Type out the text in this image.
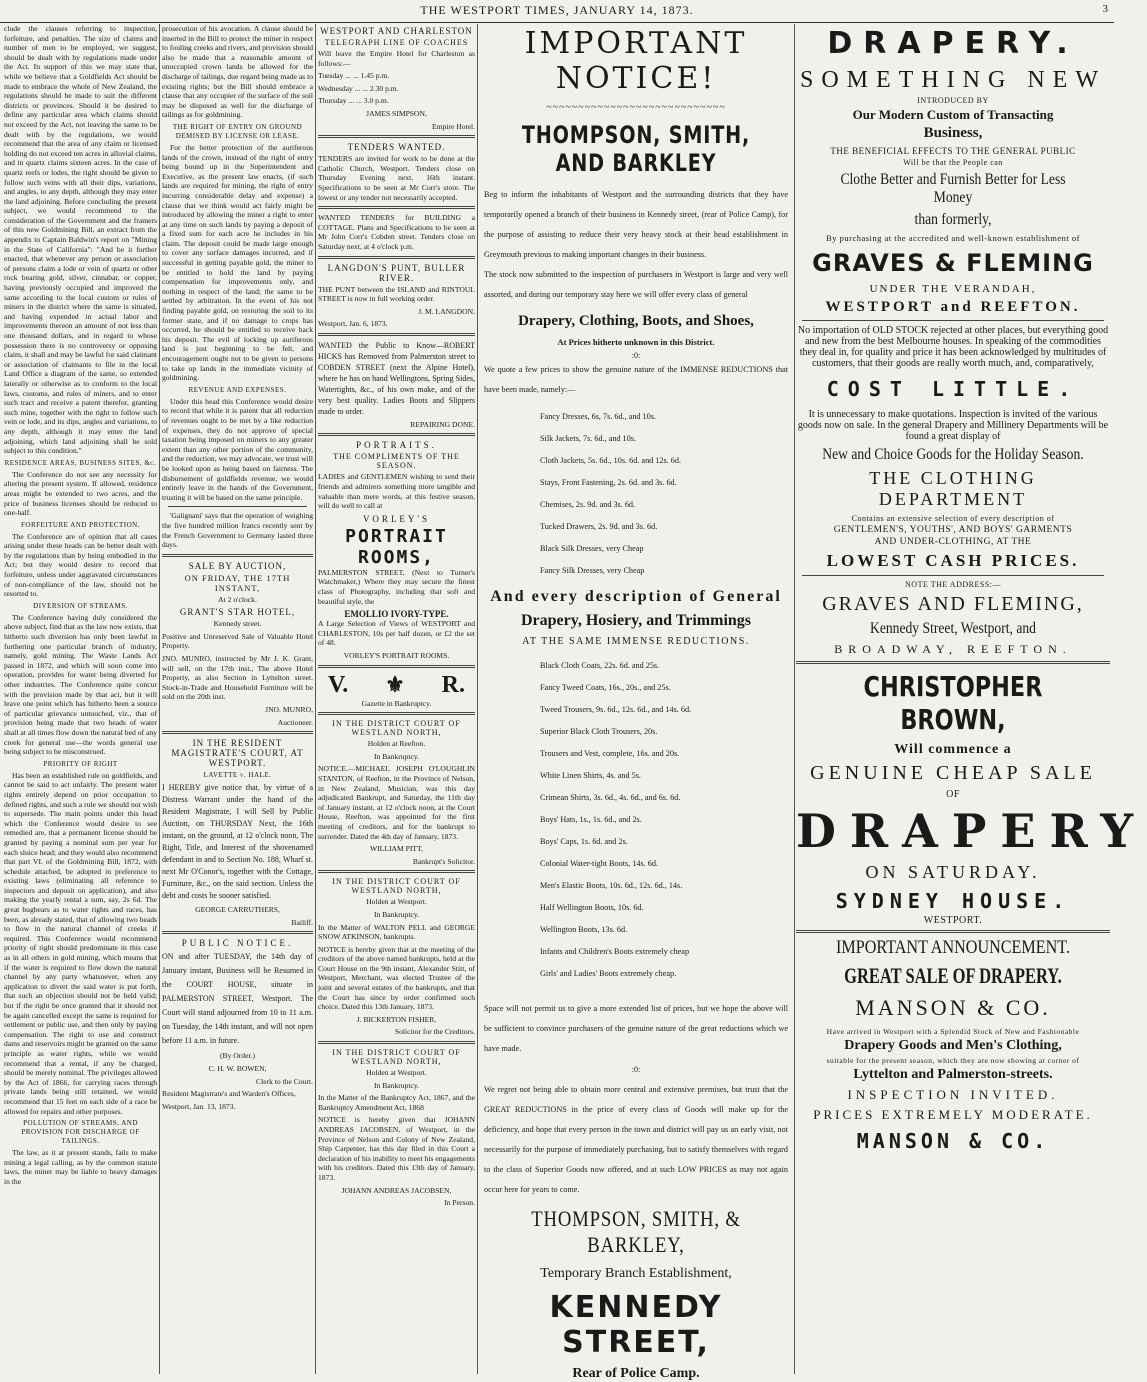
THE WESTPORT TIMES, JANUARY 14, 1873.	3

clude the clauses referring to inspection, forfeiture, and penalties. The size of claims and number of men to be employed, we suggest, should be dealt with by regulations made under the Act. In support of this we may state that, while we believe that a Goldfields Act should be made to embrace the whole of New Zealand, the regulations should be made to suit the different districts or provinces. Should it be desired to define any particular area which claims should not exceed by the Act, not leaving the same to be dealt with by the regulations, we would recommend that the area of any claim or licensed holding do not exceed ten acres in alluvial claims, and in quartz claims sixteen acres. In the case of quartz reefs or lodes, the right should be given to follow such veins with all their dips, variations, and angles, to any depth, although they may enter the land adjoining. Before concluding the present subject, we would recommend to the consideration of the Government and the framers of this new Goldmining Bill, an extract from the appendix to Captain Baldwin's report on "Mining in the State of California": "And be it further enacted, that whenever any person or association of persons claim a lode or vein of quartz or other rock bearing gold, silver, cinnabar, or copper, having previously occupied and improved the same according to the local custom or rules of miners in the district where the same is situated, and having expended in actual labor and improvements thereon an amount of not less than one thousand dollars, and in regard to whose possession there is no controversy or opposing claim, it shall and may be lawful for said claimant or association of claimants to file in the local Land Office a diagram of the same, so extended laterally or otherwise as to conform to the local laws, customs, and rules of miners, and to enter such tract and receive a patent therefor, granting such mine, together with the right to follow such vein or lode, and its dips, angles and variations, to any depth, although it may enter the land adjoining, which land adjoining shall be sold subject to this condition."

RESIDENCE AREAS, BUSINESS SITES, &c.

The Conference do not see any necessity for altering the present system. If allowed, residence areas might be extended to two acres, and the price of business licenses should be reduced to one-half.

FORFEITURE AND PROTECTION.

The Conference are of opinion that all cases arising under these heads can be better dealt with by the regulations than by being embodied in the Act; but they would desire to record that forfeiture, unless under aggravated circumstances of non-compliance of the law, should not be resorted to.

DIVERSION OF STREAMS.

The Conference having duly considered the above subject, find that as the law now exists, that hitherto such diversion has only been lawful in furthering one particular branch of industry, namely, gold mining. The Waste Lands Act passed in 1872, and which will soon come into operation, provides for water being diverted for other industries. The Conference quite concur with the provision made by that act, but it will leave one point which has hitherto been a source of particular grievance untouched, viz., that of provision being made that two heads of water shall at all times flow down the natural bed of any creek for general use—the words general use being subject to be misconstrued.

PRIORITY OF RIGHT

Has been an established rule on goldfields, and cannot be said to act unfairly. The present water rights entirely depend on prior occupation to defined rights, and such a rule we should not wish to supersede. The main points under this head which the Conference would desire to see remedied are, that a permanent license should be granted by paying a nominal sum per year for each sluice head; and they would also recommend that part VI. of the Goldmining Bill, 1872, with schedule attached, be adopted in preference to existing laws (eliminating all reference to inspectors and deposit on application), and also making the yearly rental a sum, say, 2s 6d. The great bugbears as to water rights and races, has been, as already stated, that of allowing two heads to flow in the natural channel of creeks if required. This Conference would recommend priority of right should predominate in this case as in all others in gold mining, which means that if the water is required to flow down the natural channel by any party whatsoever, when any application to divert the said water is put forth, that such an objection should not be held valid; but if the right be once granted that it should not be again cancelled except the same is required for settlement or public use, and then only by paying compensation. The right to use and construct dams and reservoirs might be granted on the same principle as water rights, while we would recommend that a rental, if any be charged, should be merely nominal. The privileges allowed by the Act of 1866, for carrying races through private lands being still retained, we would recommend that 15 feet on each side of a race be allowed for repairs and other purposes.

POLLUTION OF STREAMS, AND PROVISION FOR DISCHARGE OF TAILINGS.

The law, as it at present stands, fails to make mining a legal calling, as by the common statute laws, the miner may be liable to heavy damages in the

prosecution of his avocation. A clause should be inserted in the Bill to protect the miner in respect to fouling creeks and rivers, and provision should also be made that a reasonable amount of unoccupied crown lands be allowed for the discharge of tailings, due regard being made as to existing rights; but the Bill should embrace a clause that any occupier of the surface of the soil may be disposed as well for the discharge of tailings as for goldmining.

THE RIGHT OF ENTRY ON GROUND DEMISED BY LICENSE OR LEASE.

For the better protection of the auriferous lands of the crown, instead of the right of entry being bound up in the Superintendent and Executive, as the present law enacts, (if such lands are required for mining, the right of entry incurring considerable delay and expense) a clause that we think would act fairly might be introduced by allowing the miner a right to enter at any time on such lands by paying a deposit of a fixed sum for each acre he includes in his claim. The deposit could be made large enough to cover any surface damages incurred, and if successful in getting payable gold, the miner to be entitled to hold the land by paying compensation for improvements only, and nothing in respect of the land; the same to be settled by arbitration. In the event of his not finding payable gold, on restoring the soil to its former state, and if no damage to crops has occurred, he should be entitled to receive back his deposit. The evil of locking up auriferous land is just beginning to be felt, and encouragement ought not to be given to persons to take up lands in the immediate vicinity of goldmining.

REVENUE AND EXPENSES.

Under this head this Conference would desire to record that while it is patent that all reduction of revenues ought to be met by a like reduction of expenses, they do not approve of special taxation being imposed on miners to any greater extent than any other portion of the community, and the reduction, we may advocate, we trust will be looked upon as being based on fairness. The disbursement of goldfields revenue, we would entirely leave in the hands of the Government, trusting it will be based on the same principle.

'Galignani' says that the operation of weighing the five hundred million francs recently sent by the French Government to Germany lasted three days.

SALE BY AUCTION,
ON FRIDAY, THE 17TH INSTANT,
At 2 o'clock.
GRANT'S STAR HOTEL,
Kennedy street.

Positive and Unreserved Sale of Valuable Hotel Property.

JNO. MUNRO, instructed by Mr J. K. Grant, will sell, on the 17th inst., The above Hotel Property, as also Section in Lyttelton street. Stock-in-Trade and Household Furniture will be sold on the 20th inst.

JNO. MUNRO,
Auctioneer.
IN THE RESIDENT MAGISTRATE'S COURT, AT WESTPORT.
LAVETTE v. HALE.

I HEREBY give notice that, by virtue of a Distress Warrant under the hand of the Resident Magistrate, I will Sell by Public Auction, on THURSDAY Next, the 16th instant, on the ground, at 12 o'clock noon, The Right, Title, and Interest of the shovenamed defendant in and to Section No. 188, Wharf st. next Mr O'Conor's, together with the Cottage, Furniture, &c., on the said section. Unless the debt and costs be sooner satisfied.

GEORGE CARRUTHERS,
Bailiff.
PUBLIC NOTICE.

ON and after TUESDAY, the 14th day of January instant, Business will be Resumed in the COURT HOUSE, situate in PALMERSTON STREET, Westport. The Court will stand adjourned from 10 to 11 a.m. on Tuesday, the 14th instant, and will not open before 11 a.m. in future.

(By Order.)
C. H. W. BOWEN,
Clerk to the Court.
Resident Magistrate's and Warden's Offices,
Westport, Jan. 13, 1873.
WESTPORT AND CHARLESTON
TELEGRAPH LINE OF COACHES
Will leave the Empire Hotel for Charleston as follows:—
Tuesday ... ... 1.45 p.m.
Wednesday ... ... 2.30 p.m.
Thursday ... ... 3.0 p.m.
JAMES SIMPSON,
Empire Hotel.
TENDERS WANTED.

TENDERS are invited for work to be done at the Catholic Church, Westport. Tenders close on Thursday Evening next, 16th instant. Specifications to be seen at Mr Corr's store. The lowest or any tender not necessarily accepted.

WANTED TENDERS for BUILDING a COTTAGE. Plans and Specifications to be seen at Mr John Corr's Cobden street. Tenders close on Saturday next, at 4 o'clock p.m.

LANGDON'S PUNT, BULLER RIVER.

THE PUNT between the ISLAND and RINTOUL STREET is now in full working order.

J. M. LANGDON.
Westport, Jan. 6, 1873.

WANTED the Public to Know—ROBERT HICKS has Removed from Palmerston street to COBDEN STREET (next the Alpine Hotel), where he has on hand Wellingtons, Spring Sides, Watertights, &c., of his own make, and of the very best quality. Ladies Boots and Slippers made to order.

REPAIRING DONE.
PORTRAITS.
THE COMPLIMENTS OF THE SEASON.

LADIES and GENTLEMEN wishing to send their friends and admirers something more tangible and valuable than mere words, at this festive season, will do well to call at

VORLEY'S
PORTRAIT ROOMS,

PALMERSTON STREET, (Next to Turner's Watchmaker,) Where they may secure the finest class of Photography, including that soft and beautiful style, the

EMOLLIO IVORY-TYPE.

A Large Selection of Views of WESTPORT and CHARLESTON, 10s per half dozen, or £2 the set of 48.

VORLEY'S PORTRAIT ROOMS.
V. ⚜ R.
Gazette in Bankruptcy.
IN THE DISTRICT COURT OF WESTLAND NORTH,
Holden at Reefton.
In Bankruptcy.

NOTICE.—MICHAEL JOSEPH O'LOUGHLIN STANTON, of Reefton, in the Province of Nelson, in New Zealand, Musician, was this day adjudicated Bankrupt, and Saturday, the 11th day of January instant, at 12 o'clock noon, at the Court House, Reefton, was appointed for the first meeting of creditors, and for the bankrupt to surrender. Dated the 4th day of January, 1873.

WILLIAM PITT,
Bankrupt's Solicitor.
IN THE DISTRICT COURT OF WESTLAND NORTH,
Holden at Westport.
In Bankruptcy.

In the Matter of WALTON PELL and GEORGE SNOW ATKINSON, bankrupts.

NOTICE is hereby given that at the meeting of the creditors of the above named bankrupts, held at the Court House on the 9th instant, Alexander Stitt, of Westport, Merchant, was elected Trustee of the joint and several estates of the bankrupts, and that the Court has since by order confirmed such choice. Dated this 13th January, 1873.

J. BICKERTON FISHER,
Solicitor for the Creditors.
IN THE DISTRICT COURT OF WESTLAND NORTH,
Holden at Westport.
In Bankruptcy.

In the Matter of the Bankruptcy Act, 1867, and the Bankruptcy Amendment Act, 1868

NOTICE is hereby given that JOHANN ANDREAS JACOBSEN, of Westport, in the Province of Nelson and Colony of New Zealand, Ship Carpenter, has this day filed in this Court a declaration of his inability to meet his engagements with his creditors. Dated this 13th day of January, 1873.

JOHANN ANDREAS JACOBSEN,
In Person.
IMPORTANT NOTICE!
~~~~~~~~~~~~~~~~~~~~~~~~~~~~
THOMPSON, SMITH, AND BARKLEY

Beg to inform the inhabitants of Westport and the surrounding districts that they have temporarily opened a branch of their business in Kennedy street, (rear of Police Camp), for the purpose of assisting to reduce their very heavy stock at their head establishment in Greymouth previous to making important changes in their business.

The stock now submitted to the inspection of purchasers in Westport is large and very well assorted, and during our temporary stay here we will offer every class of general

Drapery, Clothing, Boots, and Shoes,
At Prices hitherto unknown in this District.
:0:

We quote a few prices to show the genuine nature of the IMMENSE REDUCTIONS that have been made, namely:—

Fancy Dresses, 6s, 7s. 6d., and 10s.
Silk Jackets, 7s. 6d., and 10s.
Cloth Jackets, 5s. 6d., 10s. 6d. and 12s. 6d.
Stays, Front Fastening, 2s. 6d. and 3s. 6d.
Chemises, 2s. 9d. and 3s. 6d.
Tucked Drawers, 2s. 9d. and 3s. 6d.
Black Silk Dresses, very Cheap
Fancy Silk Dresses, very Cheap
And every description of General
Drapery, Hosiery, and Trimmings
AT THE SAME IMMENSE REDUCTIONS.
Black Cloth Coats, 22s. 6d. and 25s.
Fancy Tweed Coats, 16s., 20s., and 25s.
Tweed Trousers, 9s. 6d., 12s. 6d., and 14s. 6d.
Superior Black Cloth Trousers, 20s.
Trousers and Vest, complete, 16s. and 20s.
White Linen Shirts, 4s. and 5s.
Crimean Shirts, 3s. 6d., 4s. 6d., and 6s. 6d.
Boys' Hats, 1s., 1s. 6d., and 2s.
Boys' Caps, 1s. 6d. and 2s.
Colonial Water-tight Boots, 14s. 6d.
Men's Elastic Boots, 10s. 6d., 12s. 6d., 14s.
Half Wellington Boots, 10s. 6d.
Wellington Boots, 13s. 6d.
Infants and Children's Boots extremely cheap
Girls' and Ladies' Boots extremely cheap.

Space will not permit us to give a more extended list of prices, but we hope the above will be sufficient to convince purchasers of the genuine nature of the great reductions which we have made.

:0:

We regret not being able to obtain more central and extensive premises, but trust that the GREAT REDUCTIONS in the price of every class of Goods will make up for the deficiency, and hope that every person in the town and district will pay us an early visit, not necessarily for the purpose of immediately purchasing, but to satisfy themselves with regard to the class of Superior Goods now offered, and at such LOW PRICES as may not again occur here for years to come.

THOMPSON, SMITH, & BARKLEY,
Temporary Branch Establishment,
KENNEDY STREET,
Rear of Police Camp.
DRAPERY.
SOMETHING NEW
INTRODUCED BY
Our Modern Custom of Transacting
Business,
THE BENEFICIAL EFFECTS TO THE GENERAL PUBLIC
Will be that the People can
Clothe Better and Furnish Better for Less Money
than formerly,
By purchasing at the accredited and well-known establishment of
GRAVES & FLEMING
UNDER THE VERANDAH,
WESTPORT and REEFTON.

No importation of OLD STOCK rejected at other places, but everything good and new from the best Melbourne houses. In speaking of the commodities they deal in, for quality and price it has been acknowledged by multitudes of customers, that their goods are really worth much, and, comparatively,

COST LITTLE.

It is unnecessary to make quotations. Inspection is invited of the various goods now on sale. In the general Drapery and Millinery Departments will be found a great display of

New and Choice Goods for the Holiday Season.
THE CLOTHING DEPARTMENT
Contains an extensive selection of every description of
GENTLEMEN'S, YOUTHS', AND BOYS' GARMENTS
AND UNDER-CLOTHING, AT THE
LOWEST CASH PRICES.
NOTE THE ADDRESS:—
GRAVES AND FLEMING,
Kennedy Street, Westport, and
BROADWAY, REEFTON.
CHRISTOPHER BROWN,
Will commence a
GENUINE CHEAP SALE
OF
DRAPERY
ON SATURDAY.
SYDNEY HOUSE.
WESTPORT.
IMPORTANT ANNOUNCEMENT.
GREAT SALE OF DRAPERY.
MANSON & CO.
Have arrived in Westport with a Splendid Stock of New and Fashionable
Drapery Goods and Men's Clothing,
suitable for the present season, which they are now showing at corner of
Lyttelton and Palmerston-streets.
INSPECTION INVITED.
PRICES EXTREMELY MODERATE.
MANSON & CO.
